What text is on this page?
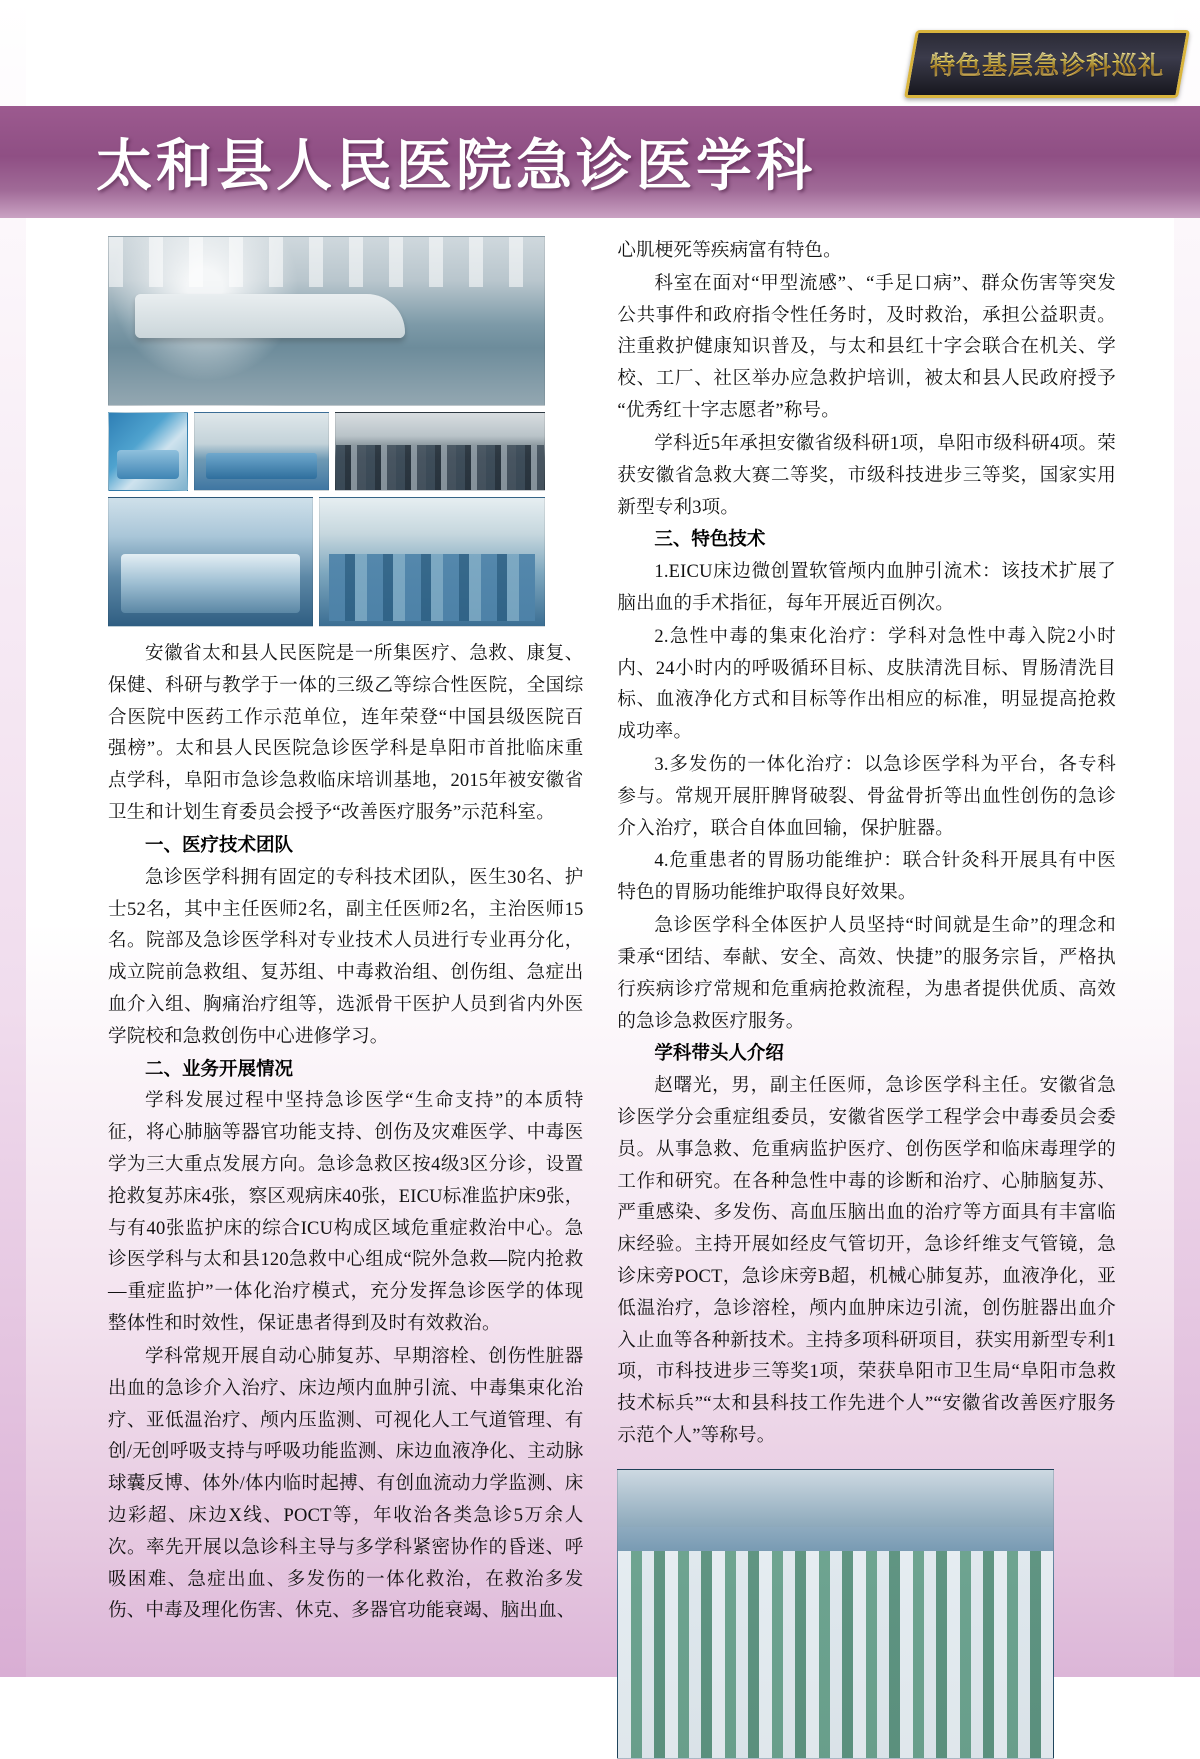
特色基层急诊科巡礼
太和县人民医院急诊医学科

安徽省太和县人民医院是一所集医疗、急救、康复、保健、科研与教学于一体的三级乙等综合性医院，全国综合医院中医药工作示范单位，连年荣登“中国县级医院百强榜”。太和县人民医院急诊医学科是阜阳市首批临床重点学科，阜阳市急诊急救临床培训基地，2015年被安徽省卫生和计划生育委员会授予“改善医疗服务”示范科室。

一、医疗技术团队

急诊医学科拥有固定的专科技术团队，医生30名、护士52名，其中主任医师2名，副主任医师2名，主治医师15名。院部及急诊医学科对专业技术人员进行专业再分化，成立院前急救组、复苏组、中毒救治组、创伤组、急症出血介入组、胸痛治疗组等，选派骨干医护人员到省内外医学院校和急救创伤中心进修学习。

二、业务开展情况

学科发展过程中坚持急诊医学“生命支持”的本质特征，将心肺脑等器官功能支持、创伤及灾难医学、中毒医学为三大重点发展方向。急诊急救区按4级3区分诊，设置抢救复苏床4张，察区观病床40张，EICU标准监护床9张，与有40张监护床的综合ICU构成区域危重症救治中心。急诊医学科与太和县120急救中心组成“院外急救—院内抢救—重症监护”一体化治疗模式，充分发挥急诊医学的体现整体性和时效性，保证患者得到及时有效救治。

学科常规开展自动心肺复苏、早期溶栓、创伤性脏器出血的急诊介入治疗、床边颅内血肿引流、中毒集束化治疗、亚低温治疗、颅内压监测、可视化人工气道管理、有创/无创呼吸支持与呼吸功能监测、床边血液净化、主动脉球囊反博、体外/体内临时起搏、有创血流动力学监测、床边彩超、床边X线、POCT等，年收治各类急诊5万余人次。率先开展以急诊科主导与多学科紧密协作的昏迷、呼吸困难、急症出血、多发伤的一体化救治，在救治多发伤、中毒及理化伤害、休克、多器官功能衰竭、脑出血、

心肌梗死等疾病富有特色。

科室在面对“甲型流感”、“手足口病”、群众伤害等突发公共事件和政府指令性任务时，及时救治，承担公益职责。注重救护健康知识普及，与太和县红十字会联合在机关、学校、工厂、社区举办应急救护培训，被太和县人民政府授予“优秀红十字志愿者”称号。

学科近5年承担安徽省级科研1项，阜阳市级科研4项。荣获安徽省急救大赛二等奖，市级科技进步三等奖，国家实用新型专利3项。

三、特色技术

1.EICU床边微创置软管颅内血肿引流术：该技术扩展了脑出血的手术指征，每年开展近百例次。

2.急性中毒的集束化治疗：学科对急性中毒入院2小时内、24小时内的呼吸循环目标、皮肤清洗目标、胃肠清洗目标、血液净化方式和目标等作出相应的标准，明显提高抢救成功率。

3.多发伤的一体化治疗：以急诊医学科为平台，各专科参与。常规开展肝脾肾破裂、骨盆骨折等出血性创伤的急诊介入治疗，联合自体血回输，保护脏器。

4.危重患者的胃肠功能维护：联合针灸科开展具有中医特色的胃肠功能维护取得良好效果。

急诊医学科全体医护人员坚持“时间就是生命”的理念和秉承“团结、奉献、安全、高效、快捷”的服务宗旨，严格执行疾病诊疗常规和危重病抢救流程，为患者提供优质、高效的急诊急救医疗服务。

学科带头人介绍

赵曙光，男，副主任医师，急诊医学科主任。安徽省急诊医学分会重症组委员，安徽省医学工程学会中毒委员会委员。从事急救、危重病监护医疗、创伤医学和临床毒理学的工作和研究。在各种急性中毒的诊断和治疗、心肺脑复苏、严重感染、多发伤、高血压脑出血的治疗等方面具有丰富临床经验。主持开展如经皮气管切开，急诊纤维支气管镜，急诊床旁POCT，急诊床旁B超，机械心肺复苏，血液净化，亚低温治疗，急诊溶栓，颅内血肿床边引流，创伤脏器出血介入止血等各种新技术。主持多项科研项目，获实用新型专利1项，市科技进步三等奖1项，荣获阜阳市卫生局“阜阳市急救技术标兵”“太和县科技工作先进个人”“安徽省改善医疗服务示范个人”等称号。
